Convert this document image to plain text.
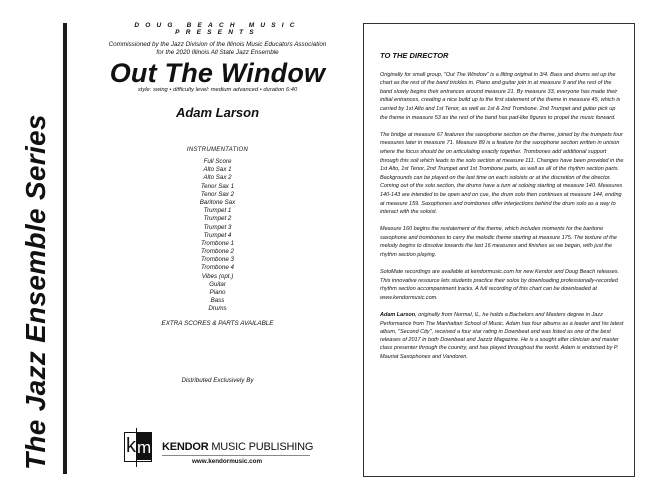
The Jazz Ensemble Series
DOUG BEACH MUSIC PRESENTS
Commissioned by the Jazz Division of the Illinois Music Educators Association
for the 2020 Illinois All State Jazz Ensemble
Out The Window
style: swing • difficulty level: medium advanced • duration 6:40
Adam Larson
INSTRUMENTATION
Full Score
Alto Sax 1
Alto Sax 2
Tenor Sax 1
Tenor Sax 2
Baritone Sax
Trumpet 1
Trumpet 2
Trumpet 3
Trumpet 4
Trombone 1
Trombone 2
Trombone 3
Trombone 4
Vibes (opt.)
Guitar
Piano
Bass
Drums
EXTRA SCORES & PARTS AVAILABLE
Distributed Exclusively By
k m KENDOR MUSIC PUBLISHING
www.kendormusic.com
TO THE DIRECTOR

Originally for small group, "Out The Window" is a lilting original in 3/4. Bass and drums set up the chart as the rest of the band trickles in. Piano and guitar join in at measure 9 and the rest of the band slowly begins their entrances around measure 21. By measure 33, everyone has made their initial entrances, creating a nice build up to the first statement of the theme in measure 45, which is carried by 1st Alto and 1st Tenor, as well as 1st & 2nd Trombone. 2nd Trumpet and guitar pick up the theme in measure 53 as the rest of the band has pad-like figures to propel the music forward.

The bridge at measure 67 features the saxophone section on the theme, joined by the trumpets four measures later in measure 71. Measure 89 is a feature for the saxophone section written in unison where the focus should be on articulating exactly together. Trombones add additional support through this soli which leads to the solo section at measure 111. Changes have been provided in the 1st Alto, 1st Tenor, 2nd Trumpet and 1st Trombone parts, as well as all of the rhythm section parts. Backgrounds can be played on the last time on each soloists or at the discretion of the director. Coming out of the solo section, the drums have a turn at soloing starting at measure 140. Measures 140-143 are intended to be open and on cue, the drum solo then continues at measure 144, ending at measure 159. Saxophones and trombones offer interjections behind the drum solo as a way to interact with the soloist.

Measure 160 begins the restatement of the theme, which includes moments for the baritone saxophone and trombones to carry the melodic theme starting at measure 175. The texture of the melody begins to dissolve towards the last 16 measures and finishes as we began, with just the rhythm section playing.

SoloMate recordings are available at kendormusic.com for new Kendor and Doug Beach releases. This innovative resource lets students practice their solos by downloading professionally-recorded rhythm section accompaniment tracks. A full recording of this chart can be downloaded at www.kendormusic.com.

Adam Larson, originally from Normal, IL, he holds a Bachelors and Masters degree in Jazz Performance from The Manhattan School of Music. Adam has four albums as a leader and his latest album, "Second City", received a four star rating in Downbeat and was listed as one of the best releases of 2017 in both Downbeat and Jazziz Magazine. He is a sought after clinician and master class presenter through the country, and has played throughout the world. Adam is endorsed by P. Mauriat Saxophones and Vandoren.
